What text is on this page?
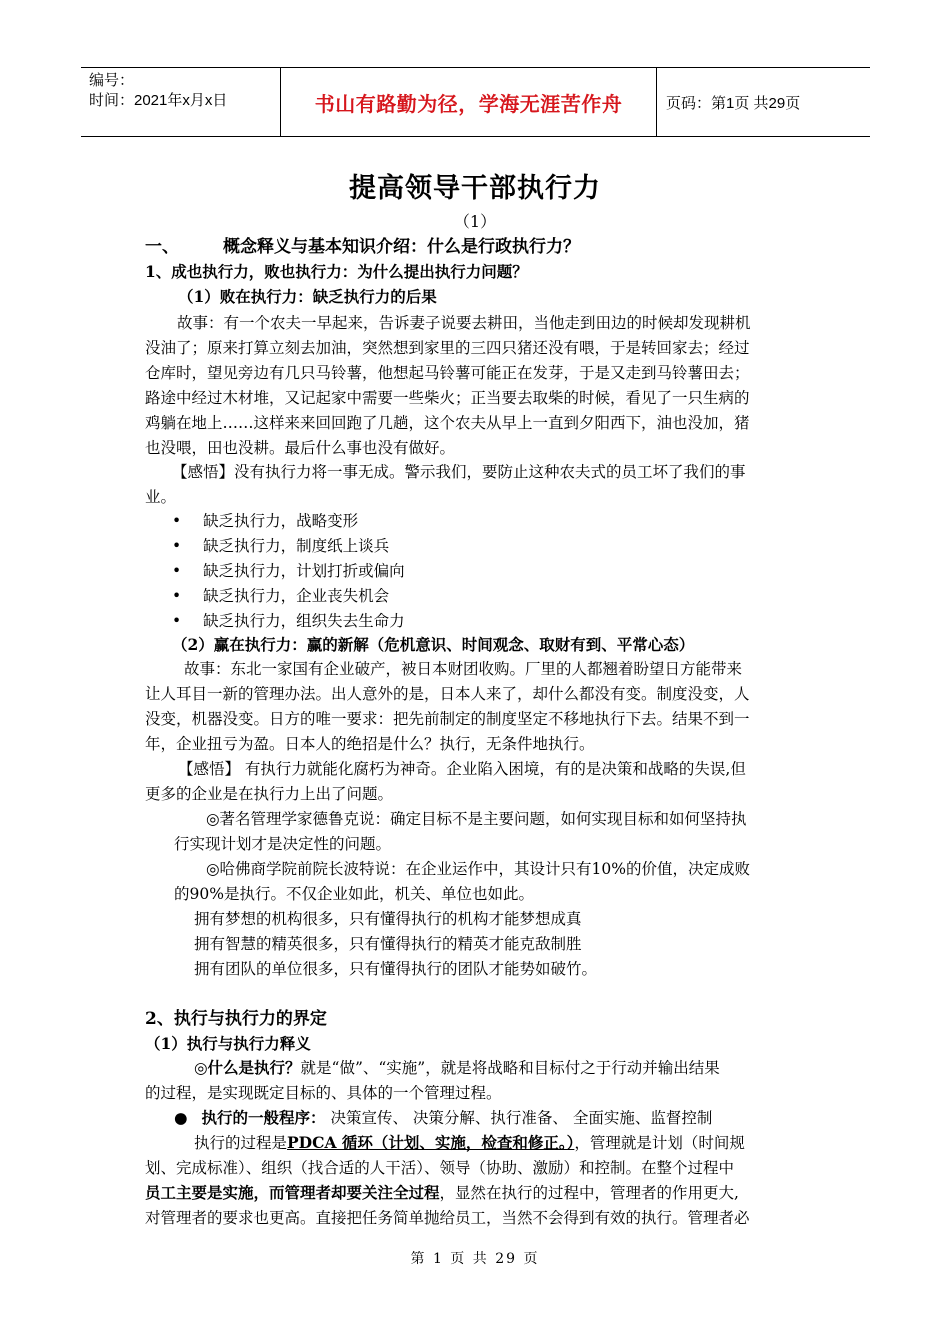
编号：
时间：2021年x月x日	书山有路勤为径，学海无涯苦作舟	页码：第1页 共29页
提高领导干部执行力
（1）
一、	概念释义与基本知识介绍：什么是行政执行力？
1、成也执行力，败也执行力：为什么提出执行力问题？
（1）败在执行力：缺乏执行力的后果
故事：有一个农夫一早起来，告诉妻子说要去耕田，当他走到田边的时候却发现耕机
没油了；原来打算立刻去加油，突然想到家里的三四只猪还没有喂，于是转回家去；经过
仓库时，望见旁边有几只马铃薯，他想起马铃薯可能正在发芽，于是又走到马铃薯田去；
路途中经过木材堆，又记起家中需要一些柴火；正当要去取柴的时候，看见了一只生病的
鸡躺在地上……这样来来回回跑了几趟，这个农夫从早上一直到夕阳西下，油也没加，猪
也没喂，田也没耕。最后什么事也没有做好。
【感悟】没有执行力将一事无成。警示我们，要防止这种农夫式的员工坏了我们的事
业。
• 缺乏执行力，战略变形
• 缺乏执行力，制度纸上谈兵
• 缺乏执行力，计划打折或偏向
• 缺乏执行力，企业丧失机会
• 缺乏执行力，组织失去生命力
（2）赢在执行力：赢的新解（危机意识、时间观念、取财有到、平常心态）
故事：东北一家国有企业破产，被日本财团收购。厂里的人都翘着盼望日方能带来
让人耳目一新的管理办法。出人意外的是，日本人来了，却什么都没有变。制度没变，人
没变，机器没变。日方的唯一要求：把先前制定的制度坚定不移地执行下去。结果不到一
年，企业扭亏为盈。日本人的绝招是什么？执行，无条件地执行。
【感悟】 有执行力就能化腐朽为神奇。企业陷入困境，有的是决策和战略的失误,但
更多的企业是在执行力上出了问题。
◎著名管理学家德鲁克说：确定目标不是主要问题，如何实现目标和如何坚持执
行实现计划才是决定性的问题。
◎哈佛商学院前院长波特说：在企业运作中，其设计只有10%的价值，决定成败
的90%是执行。不仅企业如此，机关、单位也如此。
拥有梦想的机构很多，只有懂得执行的机构才能梦想成真
拥有智慧的精英很多，只有懂得执行的精英才能克敌制胜
拥有团队的单位很多，只有懂得执行的团队才能势如破竹。
2、执行与执行力的界定
（1）执行与执行力释义
◎什么是执行？就是“做”、“实施”，就是将战略和目标付之于行动并输出结果
的过程，是实现既定目标的、具体的一个管理过程。
● 执行的一般程序： 决策宣传、 决策分解、执行准备、 全面实施、监督控制
执行的过程是PDCA 循环（计划、实施，检查和修正。），管理就是计划（时间规
划、完成标准）、组织（找合适的人干活）、领导（协助、激励）和控制。在整个过程中
员工主要是实施，而管理者却要关注全过程，显然在执行的过程中，管理者的作用更大,
对管理者的要求也更高。直接把任务简单抛给员工，当然不会得到有效的执行。管理者必
第 1 页 共 29 页
